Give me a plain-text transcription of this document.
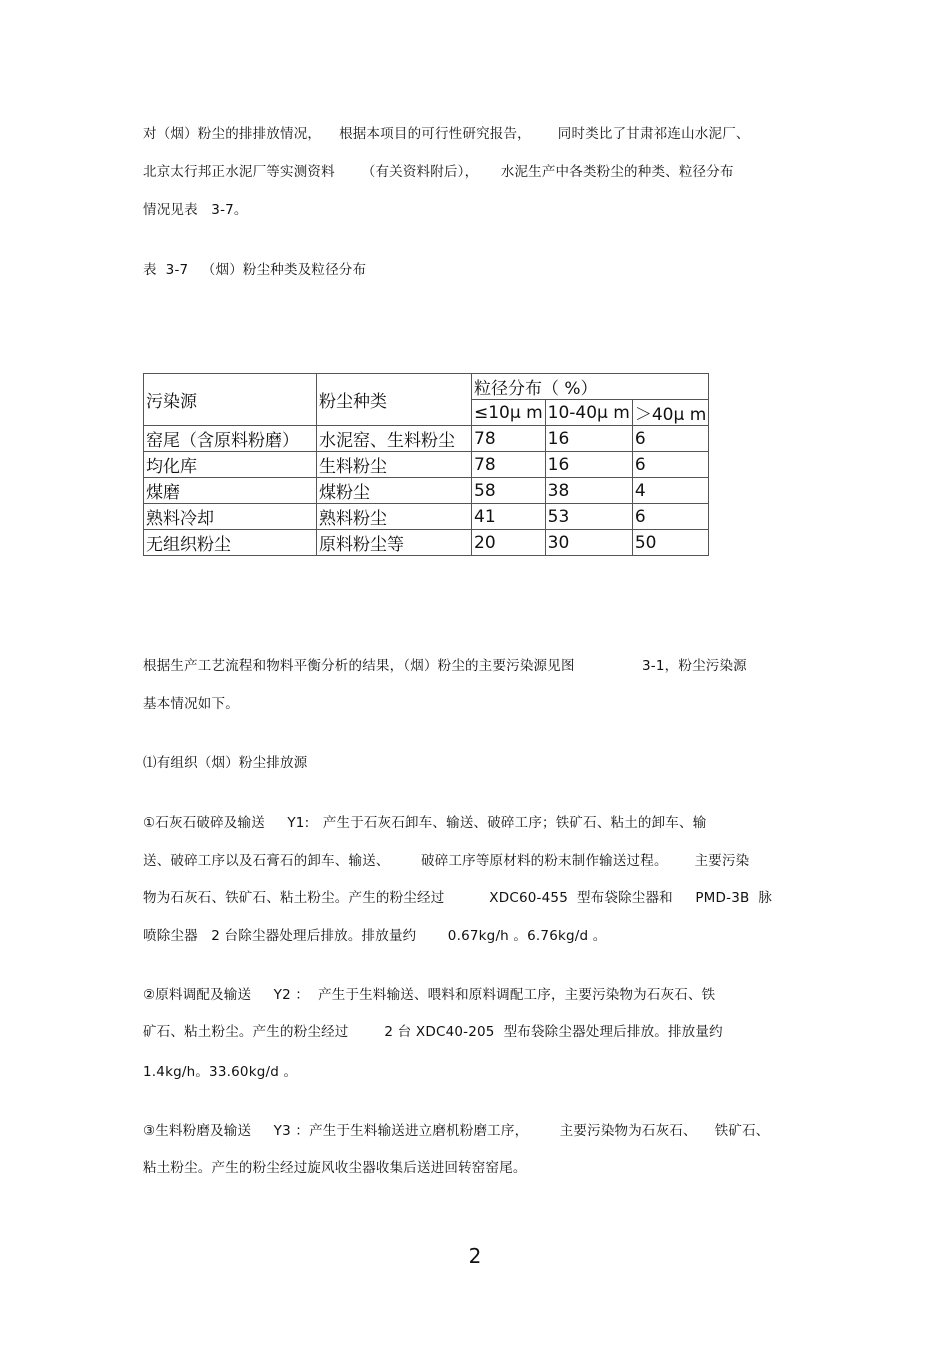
对（烟）粉尘的排排放情况，    根据本项目的可行性研究报告，      同时类比了甘肃祁连山水泥厂、
北京太行邦正水泥厂等实测资料      （有关资料附后），     水泥生产中各类粉尘的种类、粒径分布
情况见表   3-7。
表  3-7   （烟）粉尘种类及粒径分布
污染源	粉尘种类	粒径分布（ %）		
		≤10μ m	10-40μ m	＞40μ m
窑尾（含原料粉磨）	水泥窑、生料粉尘	78	16	6
均化库	生料粉尘	78	16	6
煤磨	煤粉尘	58	38	4
熟料冷却	熟料粉尘	41	53	6
无组织粉尘	原料粉尘等	20	30	50
根据生产工艺流程和物料平衡分析的结果，（烟）粉尘的主要污染源见图               3-1，粉尘污染源
基本情况如下。
⑴有组织（烟）粉尘排放源
①石灰石破碎及输送     Y1:   产生于石灰石卸车、输送、破碎工序；铁矿石、粘土的卸车、输
送、破碎工序以及石膏石的卸车、输送、       破碎工序等原材料的粉末制作输送过程。      主要污染
物为石灰石、铁矿石、粘土粉尘。产生的粉尘经过          XDC60-455  型布袋除尘器和     PMD-3B  脉
喷除尘器   2 台除尘器处理后排放。排放量约       0.67kg/h 。6.76kg/d 。
②原料调配及输送     Y2 ：  产生于生料输送、喂料和原料调配工序，主要污染物为石灰石、铁
矿石、粘土粉尘。产生的粉尘经过        2 台 XDC40-205  型布袋除尘器处理后排放。排放量约
1.4kg/h。33.60kg/d 。
③生料粉磨及输送     Y3 ：产生于生料输送进立磨机粉磨工序，       主要污染物为石灰石、    铁矿石、
粘土粉尘。产生的粉尘经过旋风收尘器收集后送进回转窑窑尾。
2
